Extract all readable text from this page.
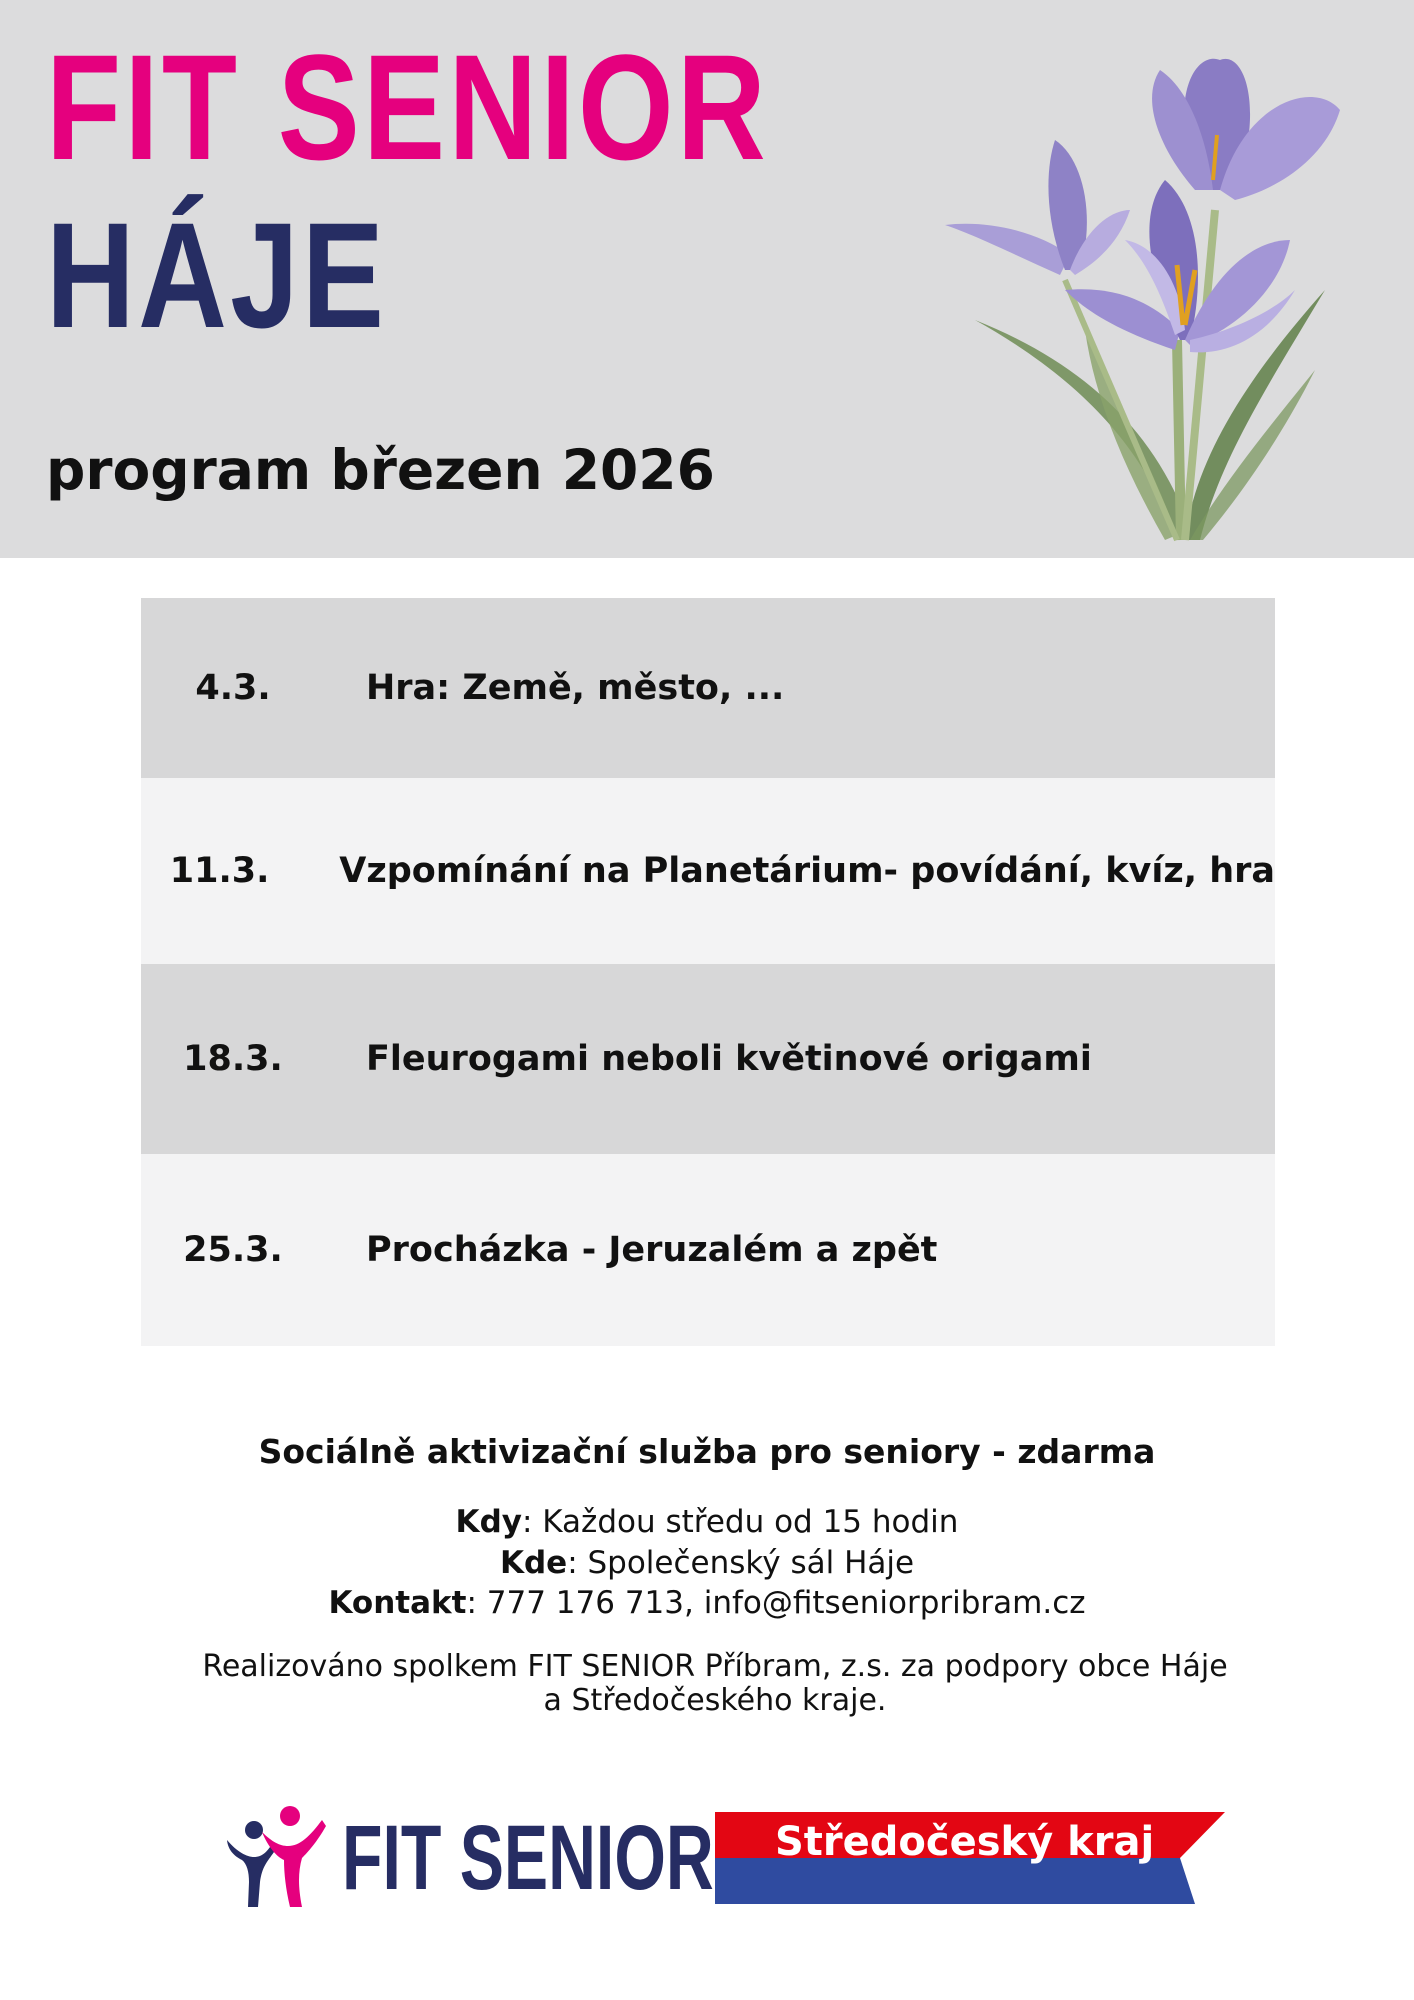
FIT SENIOR
HÁJE
program březen 2026
4.3.	Hra: Země, město, ...
11.3.	Vzpomínání na Planetárium- povídání, kvíz, hra
18.3.	Fleurogami neboli květinové origami
25.3.	Procházka - Jeruzalém a zpět
Sociálně aktivizační služba pro seniory - zdarma
Kdy: Každou středu od 15 hodin
Kde: Společenský sál Háje
Kontakt: 777 176 713, info@fitseniorpribram.cz
Realizováno spolkem FIT SENIOR Příbram, z.s. za podpory obce Háje a Středočeského kraje.
FIT SENIOR Středočeský kraj
